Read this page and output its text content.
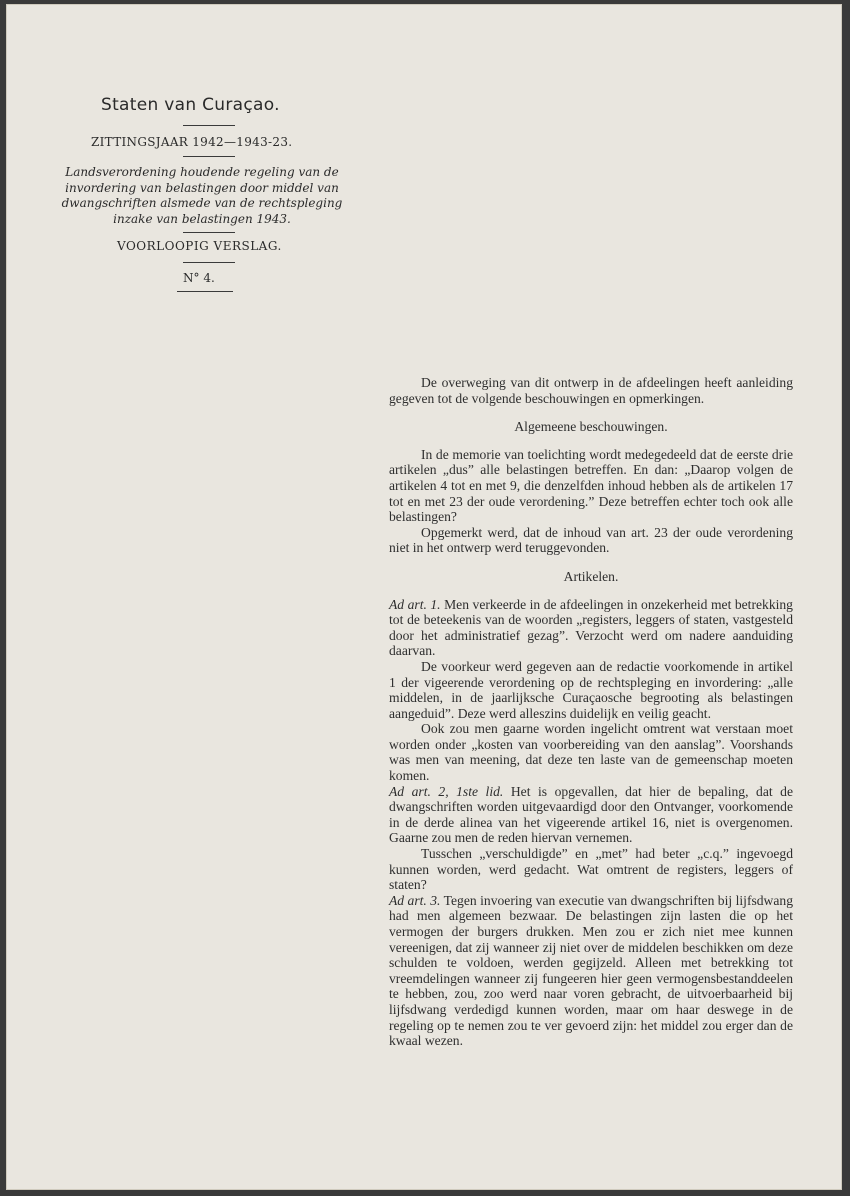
Staten van Curaçao.
ZITTINGSJAAR 1942—1943-23.
Landsverordening houdende regeling van de invordering van belastingen door middel van dwangschriften alsmede van de rechtspleging inzake van belastingen 1943.
VOORLOOPIG VERSLAG.
N° 4.

De overweging van dit ontwerp in de afdeelingen heeft aanleiding gegeven tot de volgende beschouwingen en opmerkingen.

Algemeene beschouwingen.

In de memorie van toelichting wordt medegedeeld dat de eerste drie artikelen „dus” alle belastingen betreffen. En dan: „Daarop volgen de artikelen 4 tot en met 9, die denzelfden inhoud hebben als de artikelen 17 tot en met 23 der oude verordening.” Deze betreffen echter toch ook alle belastingen?

Opgemerkt werd, dat de inhoud van art. 23 der oude verordening niet in het ontwerp werd teruggevonden.

Artikelen.

Ad art. 1. Men verkeerde in de afdeelingen in onzekerheid met betrekking tot de beteekenis van de woorden „registers, leggers of staten, vastgesteld door het administratief gezag”. Verzocht werd om nadere aanduiding daarvan.

De voorkeur werd gegeven aan de redactie voorkomende in artikel 1 der vigeerende verordening op de rechtspleging en invordering: „alle middelen, in de jaarlijksche Curaçaosche begrooting als belastingen aangeduid”. Deze werd alleszins duidelijk en veilig geacht.

Ook zou men gaarne worden ingelicht omtrent wat verstaan moet worden onder „kosten van voorbereiding van den aanslag”. Voorshands was men van meening, dat deze ten laste van de gemeenschap moeten komen.

Ad art. 2, 1ste lid. Het is opgevallen, dat hier de bepaling, dat de dwangschriften worden uitgevaardigd door den Ontvanger, voorkomende in de derde alinea van het vigeerende artikel 16, niet is overgenomen. Gaarne zou men de reden hiervan vernemen.

Tusschen „verschuldigde” en „met” had beter „c.q.” ingevoegd kunnen worden, werd gedacht. Wat omtrent de registers, leggers of staten?

Ad art. 3. Tegen invoering van executie van dwangschriften bij lijfsdwang had men algemeen bezwaar. De belastingen zijn lasten die op het vermogen der burgers drukken. Men zou er zich niet mee kunnen vereenigen, dat zij wanneer zij niet over de middelen beschikken om deze schulden te voldoen, werden gegijzeld. Alleen met betrekking tot vreemdelingen wanneer zij fungeeren hier geen vermogensbestanddeelen te hebben, zou, zoo werd naar voren gebracht, de uitvoerbaarheid bij lijfsdwang verdedigd kunnen worden, maar om haar deswege in de regeling op te nemen zou te ver gevoerd zijn: het middel zou erger dan de kwaal wezen.
